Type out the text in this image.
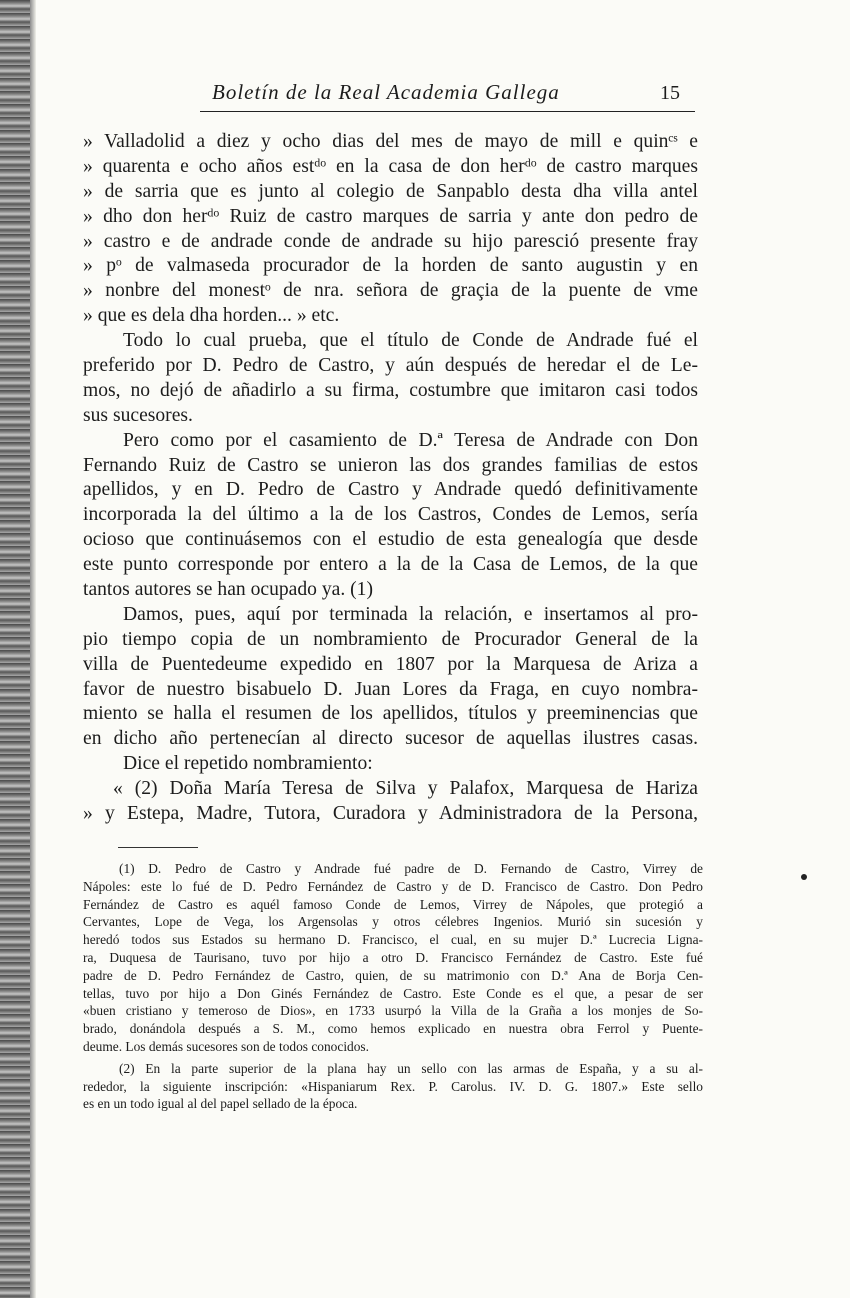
Boletín de la Real Academia Gallega	15
» Valladolid a diez y ocho dias del mes de mayo de mill e quinᶜˢ e
» quarenta e ocho años estᵈᵒ en la casa de don herᵈᵒ de castro marques
» de sarria que es junto al colegio de Sanpablo desta dha villa antel
» dho don herᵈᵒ Ruiz de castro marques de sarria y ante don pedro de
» castro e de andrade conde de andrade su hijo paresció presente fray
» pᵒ de valmaseda procurador de la horden de santo augustin y en
» nonbre del monestᵒ de nra. señora de graçia de la puente de vme
» que es dela dha horden... » etc.
Todo lo cual prueba, que el título de Conde de Andrade fué el
preferido por D. Pedro de Castro, y aún después de heredar el de Le-
mos, no dejó de añadirlo a su firma, costumbre que imitaron casi todos
sus sucesores.
Pero como por el casamiento de D.ª Teresa de Andrade con Don
Fernando Ruiz de Castro se unieron las dos grandes familias de estos
apellidos, y en D. Pedro de Castro y Andrade quedó definitivamente
incorporada la del último a la de los Castros, Condes de Lemos, sería
ocioso que continuásemos con el estudio de esta genealogía que desde
este punto corresponde por entero a la de la Casa de Lemos, de la que
tantos autores se han ocupado ya. (1)
Damos, pues, aquí por terminada la relación, e insertamos al pro-
pio tiempo copia de un nombramiento de Procurador General de la
villa de Puentedeume expedido en 1807 por la Marquesa de Ariza a
favor de nuestro bisabuelo D. Juan Lores da Fraga, en cuyo nombra-
miento se halla el resumen de los apellidos, títulos y preeminencias que
en dicho año pertenecían al directo sucesor de aquellas ilustres casas.
Dice el repetido nombramiento:
« (2) Doña María Teresa de Silva y Palafox, Marquesa de Hariza
» y Estepa, Madre, Tutora, Curadora y Administradora de la Persona,
(1) D. Pedro de Castro y Andrade fué padre de D. Fernando de Castro, Virrey de
Nápoles: este lo fué de D. Pedro Fernández de Castro y de D. Francisco de Castro. Don Pedro
Fernández de Castro es aquél famoso Conde de Lemos, Virrey de Nápoles, que protegió a
Cervantes, Lope de Vega, los Argensolas y otros célebres Ingenios. Murió sin sucesión y
heredó todos sus Estados su hermano D. Francisco, el cual, en su mujer D.ª Lucrecia Ligna-
ra, Duquesa de Taurisano, tuvo por hijo a otro D. Francisco Fernández de Castro. Este fué
padre de D. Pedro Fernández de Castro, quien, de su matrimonio con D.ª Ana de Borja Cen-
tellas, tuvo por hijo a Don Ginés Fernández de Castro. Este Conde es el que, a pesar de ser
«buen cristiano y temeroso de Dios», en 1733 usurpó la Villa de la Graña a los monjes de So-
brado, donándola después a S. M., como hemos explicado en nuestra obra Ferrol y Puente-
deume. Los demás sucesores son de todos conocidos.
(2) En la parte superior de la plana hay un sello con las armas de España, y a su al-
rededor, la siguiente inscripción: «Hispaniarum Rex. P. Carolus. IV. D. G. 1807.» Este sello
es en un todo igual al del papel sellado de la época.
